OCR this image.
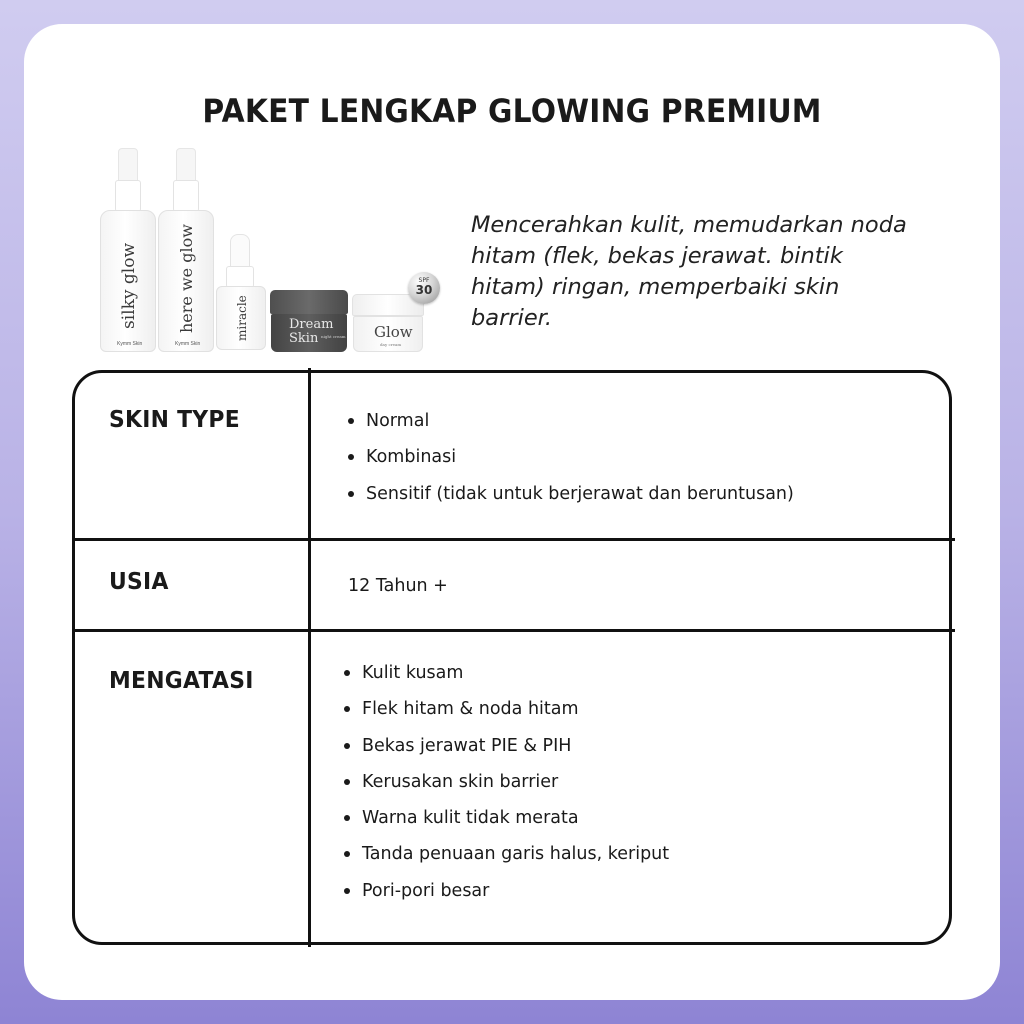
PAKET LENGKAP GLOWING PREMIUM
silky glow
Kymm Skin
here we glow
Kymm Skin
miracle	Dream
Skin night cream Glow
day cream
SPF
30

Mencerahkan kulit, memudarkan noda hitam (flek, bekas jerawat. bintik hitam) ringan, memperbaiki skin barrier.

SKIN TYPE	Normal
Kombinasi
Sensitif (tidak untuk berjerawat dan beruntusan)
USIA	12 Tahun +
MENGATASI	Kulit kusam
Flek hitam & noda hitam
Bekas jerawat PIE & PIH
Kerusakan skin barrier
Warna kulit tidak merata
Tanda penuaan garis halus, keriput
Pori-pori besar
